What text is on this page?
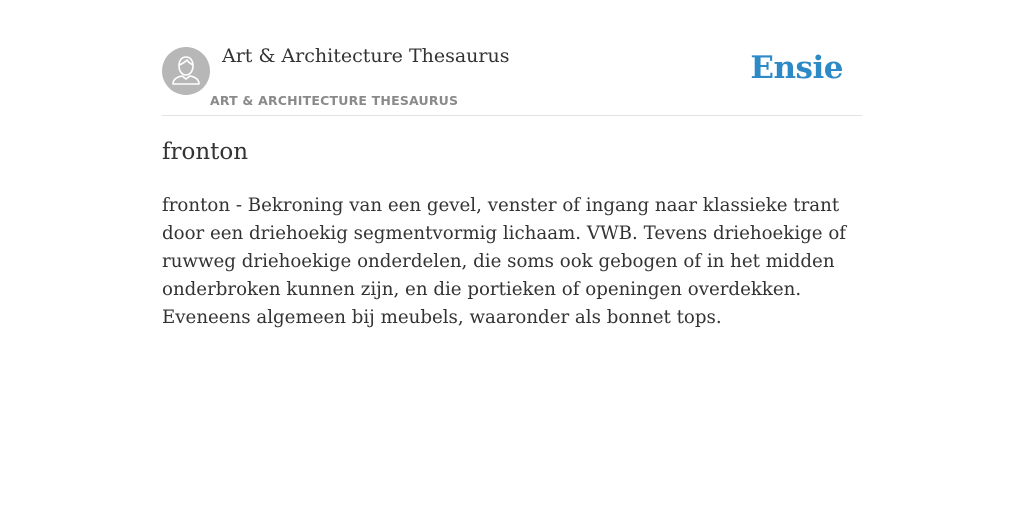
Art & Architecture Thesaurus
ART & ARCHITECTURE THESAURUS
Ensie
fronton

fronton - Bekroning van een gevel, venster of ingang naar klassieke trant door een driehoekig segmentvormig lichaam. VWB. Tevens driehoekige of ruwweg driehoekige onderdelen, die soms ook gebogen of in het midden onderbroken kunnen zijn, en die portieken of openingen overdekken. Eveneens algemeen bij meubels, waaronder als bonnet tops.
